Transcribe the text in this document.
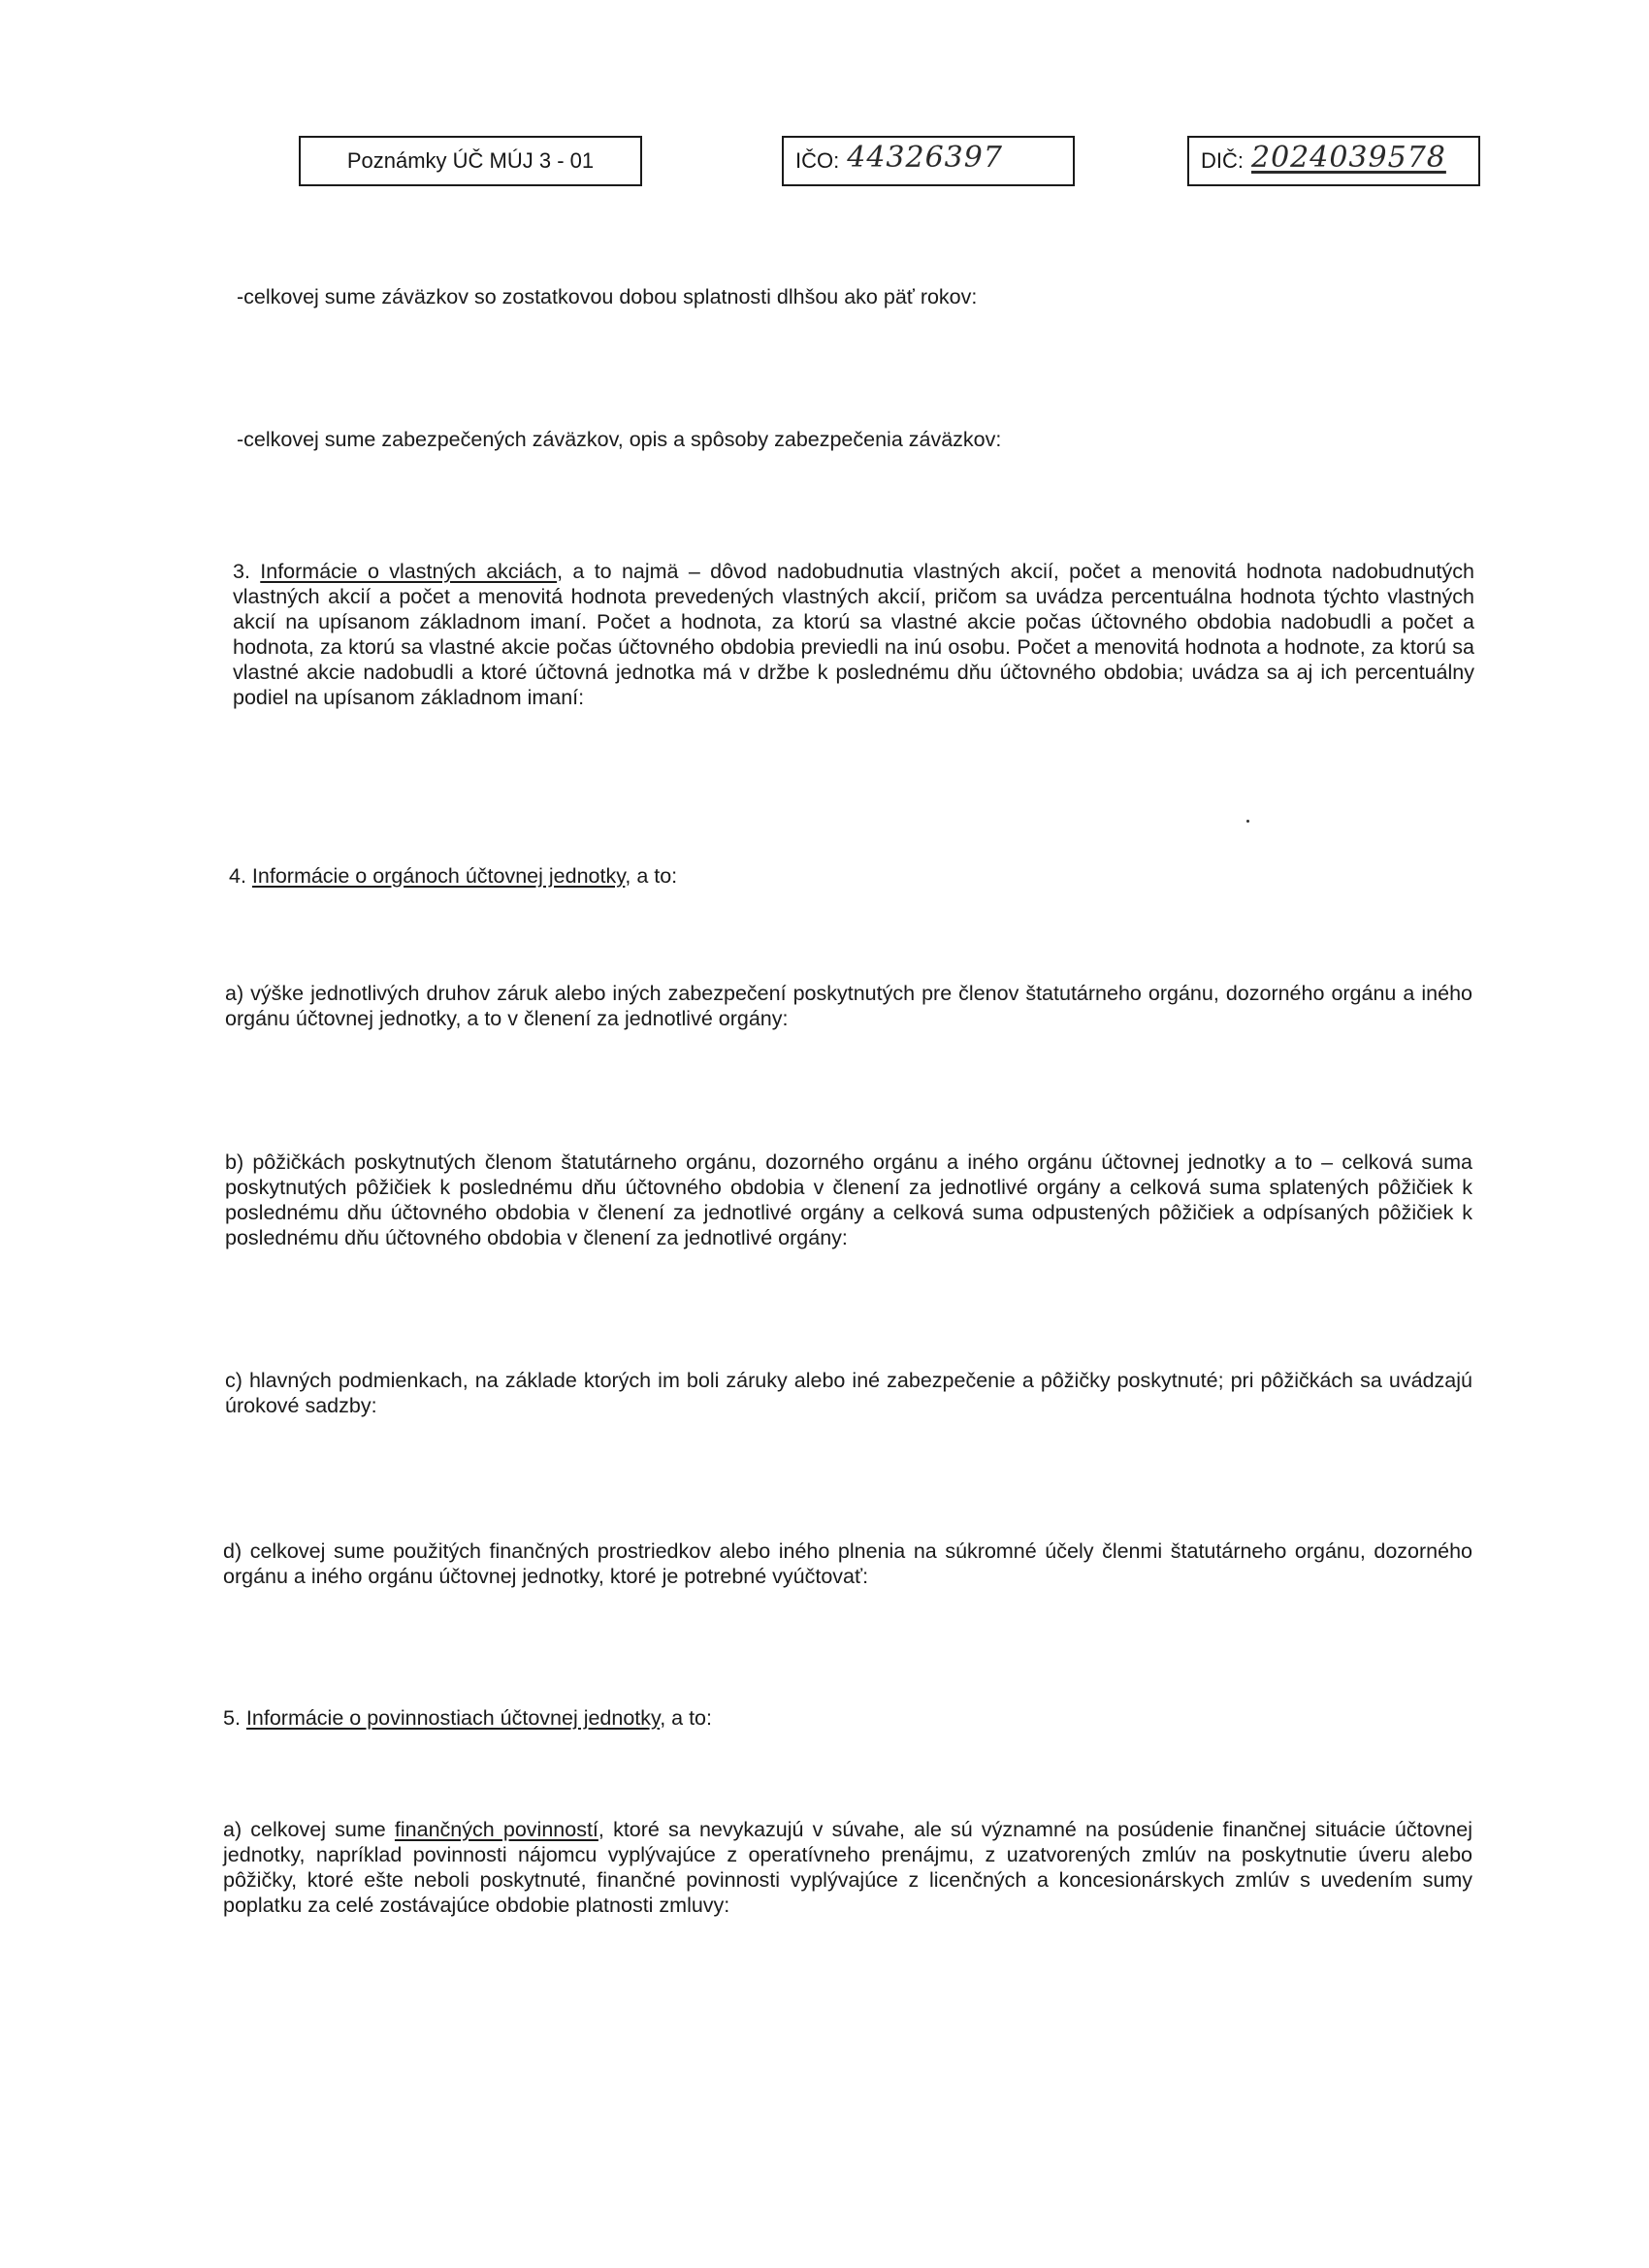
Poznámky ÚČ MÚJ 3 - 01	IČO: 44326397	DIČ: 2024039578

-celkovej sume záväzkov so zostatkovou dobou splatnosti dlhšou ako päť rokov:

-celkovej sume zabezpečených záväzkov, opis a spôsoby zabezpečenia záväzkov:

3. Informácie o vlastných akciách, a to najmä – dôvod nadobudnutia vlastných akcií, počet a menovitá hodnota nadobudnutých vlastných akcií a počet a menovitá hodnota prevedených vlastných akcií, pričom sa uvádza percentuálna hodnota týchto vlastných akcií na upísanom základnom imaní. Počet a hodnota, za ktorú sa vlastné akcie počas účtovného obdobia nadobudli a počet a hodnota, za ktorú sa vlastné akcie počas účtovného obdobia previedli na inú osobu. Počet a menovitá hodnota a hodnote, za ktorú sa vlastné akcie nadobudli a ktoré účtovná jednotka má v držbe k poslednému dňu účtovného obdobia; uvádza sa aj ich percentuálny podiel na upísanom základnom imaní:

4. Informácie o orgánoch účtovnej jednotky, a to:

a) výške jednotlivých druhov záruk alebo iných zabezpečení poskytnutých pre členov štatutárneho orgánu, dozorného orgánu a iného orgánu účtovnej jednotky, a to v členení za jednotlivé orgány:

b) pôžičkách poskytnutých členom štatutárneho orgánu, dozorného orgánu a iného orgánu účtovnej jednotky a to – celková suma poskytnutých pôžičiek k poslednému dňu účtovného obdobia v členení za jednotlivé orgány a celková suma splatených pôžičiek k poslednému dňu účtovného obdobia v členení za jednotlivé orgány a celková suma odpustených pôžičiek a odpísaných pôžičiek k poslednému dňu účtovného obdobia v členení za jednotlivé orgány:

c) hlavných podmienkach, na základe ktorých im boli záruky alebo iné zabezpečenie a pôžičky poskytnuté; pri pôžičkách sa uvádzajú úrokové sadzby:

d) celkovej sume použitých finančných prostriedkov alebo iného plnenia na súkromné účely členmi štatutárneho orgánu, dozorného orgánu a iného orgánu účtovnej jednotky, ktoré je potrebné vyúčtovať:

5. Informácie o povinnostiach účtovnej jednotky, a to:

a) celkovej sume finančných povinností, ktoré sa nevykazujú v súvahe, ale sú významné na posúdenie finančnej situácie účtovnej jednotky, napríklad povinnosti nájomcu vyplývajúce z operatívneho prenájmu, z uzatvorených zmlúv na poskytnutie úveru alebo pôžičky, ktoré ešte neboli poskytnuté, finančné povinnosti vyplývajúce z licenčných a koncesionárskych zmlúv s uvedením sumy poplatku za celé zostávajúce obdobie platnosti zmluvy:
